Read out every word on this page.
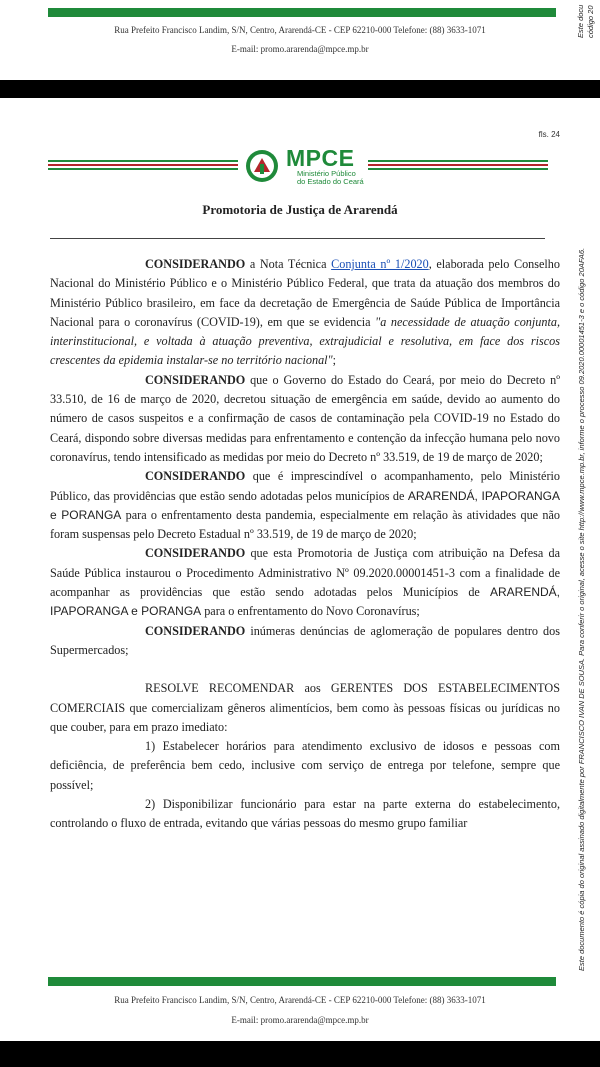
Rua Prefeito Francisco Landim, S/N, Centro, Ararendá-CE - CEP 62210-000 Telefone: (88) 3633-1071
E-mail: promo.ararenda@mpce.mp.br
Este docu código 20
fls. 24
MPCE
Ministério Público
do Estado do Ceará
Promotoria de Justiça de Ararendá

CONSIDERANDO a Nota Técnica Conjunta nº 1/2020, elaborada pelo Conselho Nacional do Ministério Público e o Ministério Público Federal, que trata da atuação dos membros do Ministério Público brasileiro, em face da decretação de Emergência de Saúde Pública de Importância Nacional para o coronavírus (COVID-19), em que se evidencia "a necessidade de atuação conjunta, interinstitucional, e voltada à atuação preventiva, extrajudicial e resolutiva, em face dos riscos crescentes da epidemia instalar-se no território nacional";

CONSIDERANDO que o Governo do Estado do Ceará, por meio do Decreto nº 33.510, de 16 de março de 2020, decretou situação de emergência em saúde, devido ao aumento do número de casos suspeitos e a confirmação de casos de contaminação pela COVID-19 no Estado do Ceará, dispondo sobre diversas medidas para enfrentamento e contenção da infecção humana pelo novo coronavírus, tendo intensificado as medidas por meio do Decreto nº 33.519, de 19 de março de 2020;

CONSIDERANDO que é imprescindível o acompanhamento, pelo Ministério Público, das providências que estão sendo adotadas pelos municípios de ARARENDÁ, IPAPORANGA e PORANGA para o enfrentamento desta pandemia, especialmente em relação às atividades que não foram suspensas pelo Decreto Estadual nº 33.519, de 19 de março de 2020;

CONSIDERANDO que esta Promotoria de Justiça com atribuição na Defesa da Saúde Pública instaurou o Procedimento Administrativo Nº 09.2020.00001451-3 com a finalidade de acompanhar as providências que estão sendo adotadas pelos Municípios de ARARENDÁ, IPAPORANGA e PORANGA para o enfrentamento do Novo Coronavírus;

CONSIDERANDO inúmeras denúncias de aglomeração de populares dentro dos Supermercados;

RESOLVE RECOMENDAR aos GERENTES DOS ESTABELECIMENTOS COMERCIAIS que comercializam gêneros alimentícios, bem como às pessoas físicas ou jurídicas no que couber, para em prazo imediato:

1) Estabelecer horários para atendimento exclusivo de idosos e pessoas com deficiência, de preferência bem cedo, inclusive com serviço de entrega por telefone, sempre que possível;

2) Disponibilizar funcionário para estar na parte externa do estabelecimento, controlando o fluxo de entrada, evitando que várias pessoas do mesmo grupo familiar

Rua Prefeito Francisco Landim, S/N, Centro, Ararendá-CE - CEP 62210-000 Telefone: (88) 3633-1071
E-mail: promo.ararenda@mpce.mp.br
Este documento é cópia do original assinado digitalmente por FRANCISCO IVAN DE SOUSA. Para conferir o original, acesse o site http://www.mpce.mp.br, informe o processo 09.2020.00001451-3 e o código 20AFA6.
